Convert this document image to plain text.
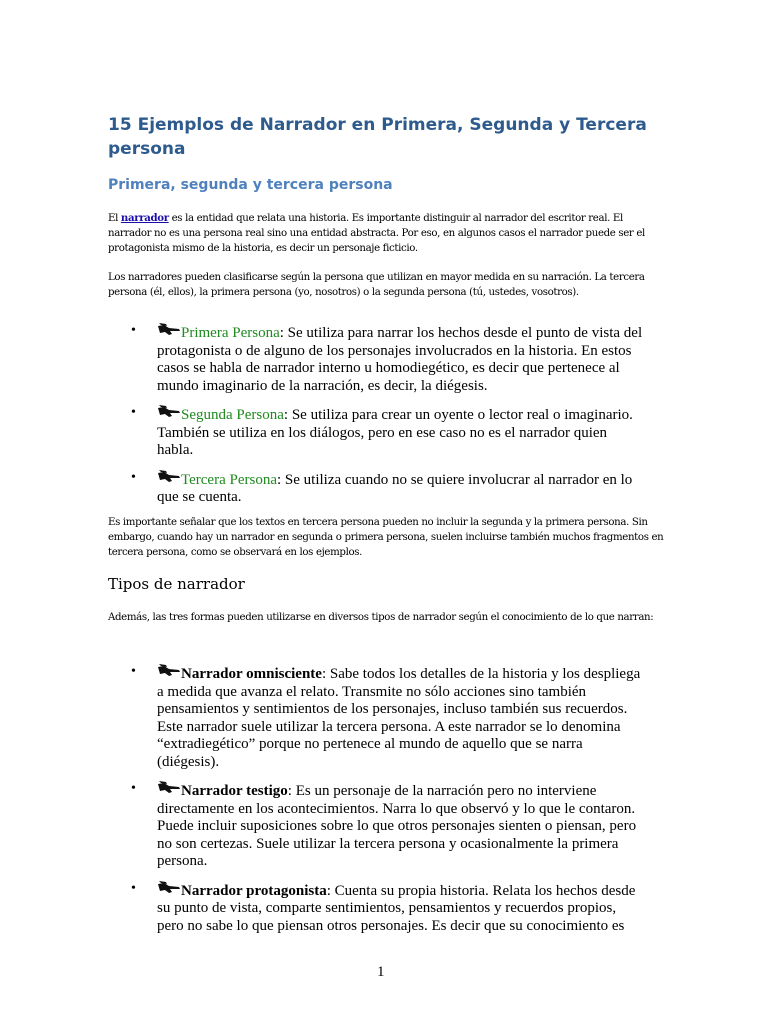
15 Ejemplos de Narrador en Primera, Segunda y Tercera persona
Primera, segunda y tercera persona

El narrador es la entidad que relata una historia. Es importante distinguir al narrador del escritor real. El narrador no es una persona real sino una entidad abstracta. Por eso, en algunos casos el narrador puede ser el protagonista mismo de la historia, es decir un personaje ficticio.

Los narradores pueden clasificarse según la persona que utilizan en mayor medida en su narración. La tercera persona (él, ellos), la primera persona (yo, nosotros) o la segunda persona (tú, ustedes, vosotros).

•	Primera Persona: Se utiliza para narrar los hechos desde el punto de vista del protagonista o de alguno de los personajes involucrados en la historia. En estos casos se habla de narrador interno u homodiegético, es decir que pertenece al mundo imaginario de la narración, es decir, la diégesis.
•	Segunda Persona: Se utiliza para crear un oyente o lector real o imaginario. También se utiliza en los diálogos, pero en ese caso no es el narrador quien habla.
•	Tercera Persona: Se utiliza cuando no se quiere involucrar al narrador en lo que se cuenta.

Es importante señalar que los textos en tercera persona pueden no incluir la segunda y la primera persona. Sin embargo, cuando hay un narrador en segunda o primera persona, suelen incluirse también muchos fragmentos en tercera persona, como se observará en los ejemplos.

Tipos de narrador

Además, las tres formas pueden utilizarse en diversos tipos de narrador según el conocimiento de lo que narran:

•	Narrador omnisciente: Sabe todos los detalles de la historia y los despliega a medida que avanza el relato. Transmite no sólo acciones sino también pensamientos y sentimientos de los personajes, incluso también sus recuerdos. Este narrador suele utilizar la tercera persona. A este narrador se lo denomina “extradiegético” porque no pertenece al mundo de aquello que se narra (diégesis).
•	Narrador testigo: Es un personaje de la narración pero no interviene directamente en los acontecimientos. Narra lo que observó y lo que le contaron. Puede incluir suposiciones sobre lo que otros personajes sienten o piensan, pero no son certezas. Suele utilizar la tercera persona y ocasionalmente la primera persona.
•	Narrador protagonista: Cuenta su propia historia. Relata los hechos desde su punto de vista, comparte sentimientos, pensamientos y recuerdos propios, pero no sabe lo que piensan otros personajes. Es decir que su conocimiento es
1
